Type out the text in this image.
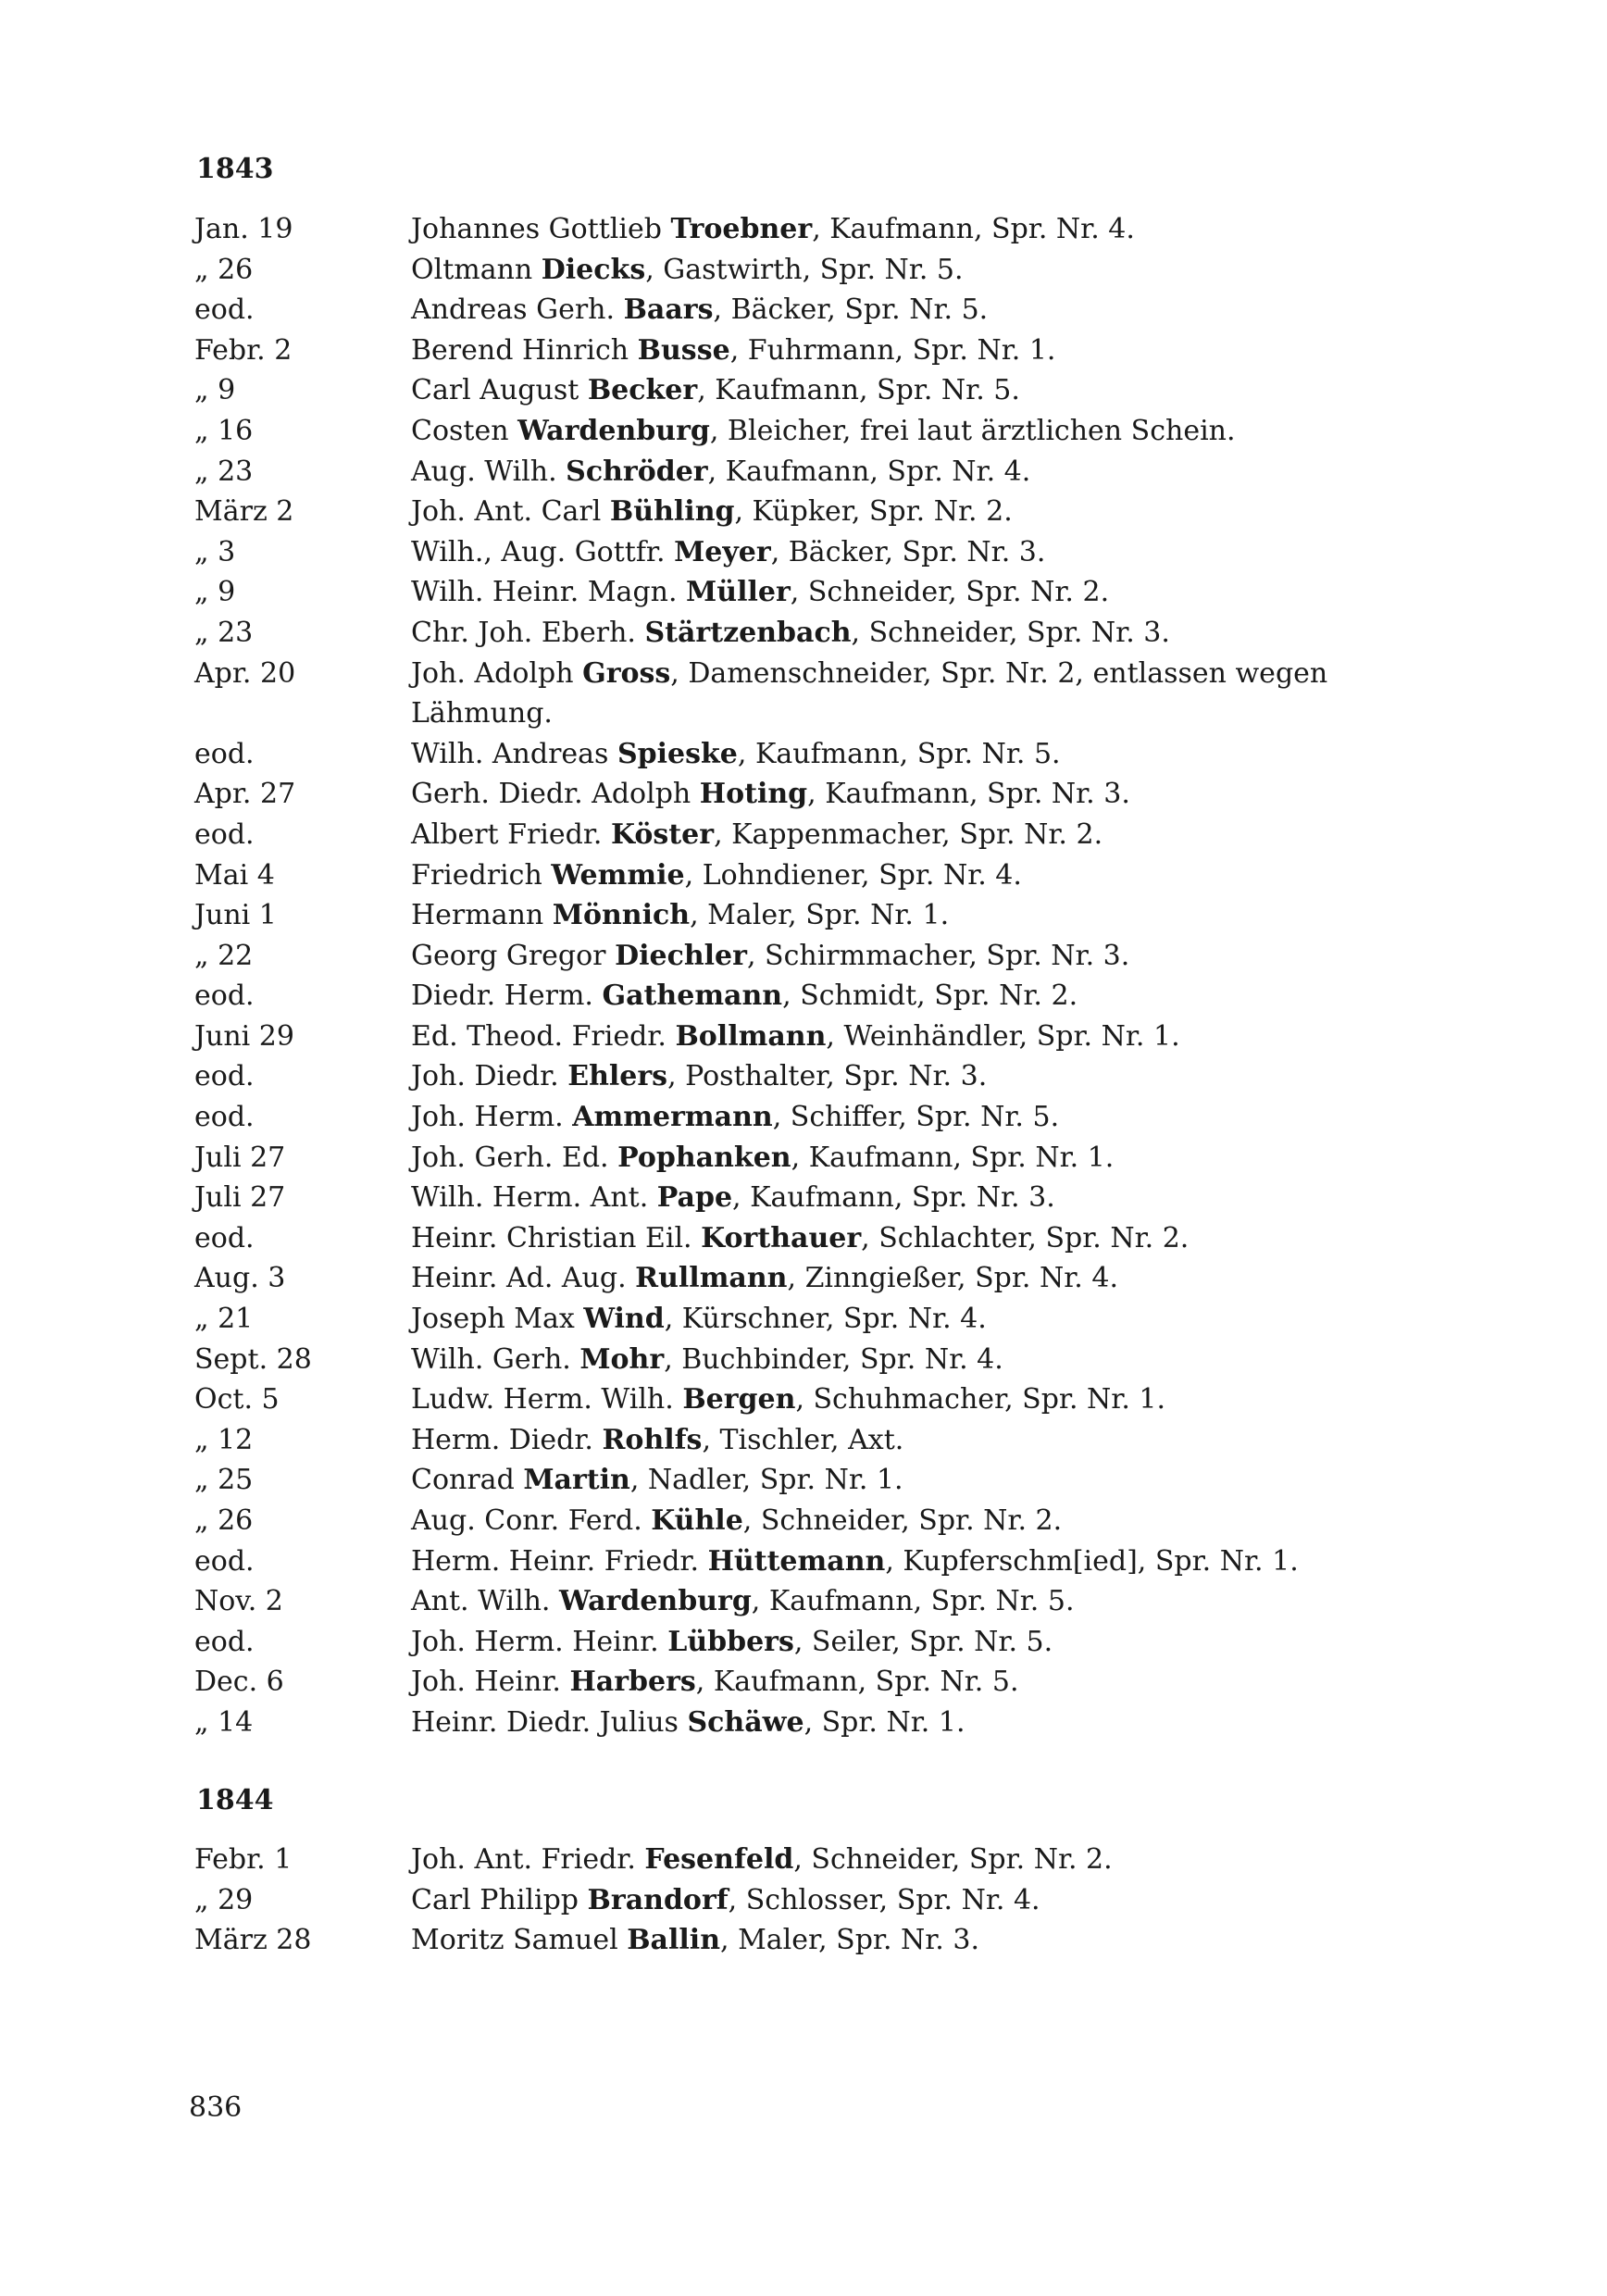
1843
Jan. 19	Johannes Gottlieb Troebner, Kaufmann, Spr. Nr. 4.
„ 26	Oltmann Diecks, Gastwirth, Spr. Nr. 5.
eod.	Andreas Gerh. Baars, Bäcker, Spr. Nr. 5.
Febr. 2	Berend Hinrich Busse, Fuhrmann, Spr. Nr. 1.
„ 9	Carl August Becker, Kaufmann, Spr. Nr. 5.
„ 16	Costen Wardenburg, Bleicher, frei laut ärztlichen Schein.
„ 23	Aug. Wilh. Schröder, Kaufmann, Spr. Nr. 4.
März 2	Joh. Ant. Carl Bühling, Küpker, Spr. Nr. 2.
„ 3	Wilh., Aug. Gottfr. Meyer, Bäcker, Spr. Nr. 3.
„ 9	Wilh. Heinr. Magn. Müller, Schneider, Spr. Nr. 2.
„ 23	Chr. Joh. Eberh. Stärtzenbach, Schneider, Spr. Nr. 3.
Apr. 20	Joh. Adolph Gross, Damenschneider, Spr. Nr. 2, entlassen wegen Lähmung.
eod.	Wilh. Andreas Spieske, Kaufmann, Spr. Nr. 5.
Apr. 27	Gerh. Diedr. Adolph Hoting, Kaufmann, Spr. Nr. 3.
eod.	Albert Friedr. Köster, Kappenmacher, Spr. Nr. 2.
Mai 4	Friedrich Wemmie, Lohndiener, Spr. Nr. 4.
Juni 1	Hermann Mönnich, Maler, Spr. Nr. 1.
„ 22	Georg Gregor Diechler, Schirmmacher, Spr. Nr. 3.
eod.	Diedr. Herm. Gathemann, Schmidt, Spr. Nr. 2.
Juni 29	Ed. Theod. Friedr. Bollmann, Weinhändler, Spr. Nr. 1.
eod.	Joh. Diedr. Ehlers, Posthalter, Spr. Nr. 3.
eod.	Joh. Herm. Ammermann, Schiffer, Spr. Nr. 5.
Juli 27	Joh. Gerh. Ed. Pophanken, Kaufmann, Spr. Nr. 1.
Juli 27	Wilh. Herm. Ant. Pape, Kaufmann, Spr. Nr. 3.
eod.	Heinr. Christian Eil. Korthauer, Schlachter, Spr. Nr. 2.
Aug. 3	Heinr. Ad. Aug. Rullmann, Zinngießer, Spr. Nr. 4.
„ 21	Joseph Max Wind, Kürschner, Spr. Nr. 4.
Sept. 28	Wilh. Gerh. Mohr, Buchbinder, Spr. Nr. 4.
Oct. 5	Ludw. Herm. Wilh. Bergen, Schuhmacher, Spr. Nr. 1.
„ 12	Herm. Diedr. Rohlfs, Tischler, Axt.
„ 25	Conrad Martin, Nadler, Spr. Nr. 1.
„ 26	Aug. Conr. Ferd. Kühle, Schneider, Spr. Nr. 2.
eod.	Herm. Heinr. Friedr. Hüttemann, Kupferschm[ied], Spr. Nr. 1.
Nov. 2	Ant. Wilh. Wardenburg, Kaufmann, Spr. Nr. 5.
eod.	Joh. Herm. Heinr. Lübbers, Seiler, Spr. Nr. 5.
Dec. 6	Joh. Heinr. Harbers, Kaufmann, Spr. Nr. 5.
„ 14	Heinr. Diedr. Julius Schäwe, Spr. Nr. 1.
1844
Febr. 1	Joh. Ant. Friedr. Fesenfeld, Schneider, Spr. Nr. 2.
„ 29	Carl Philipp Brandorf, Schlosser, Spr. Nr. 4.
März 28	Moritz Samuel Ballin, Maler, Spr. Nr. 3.
836
